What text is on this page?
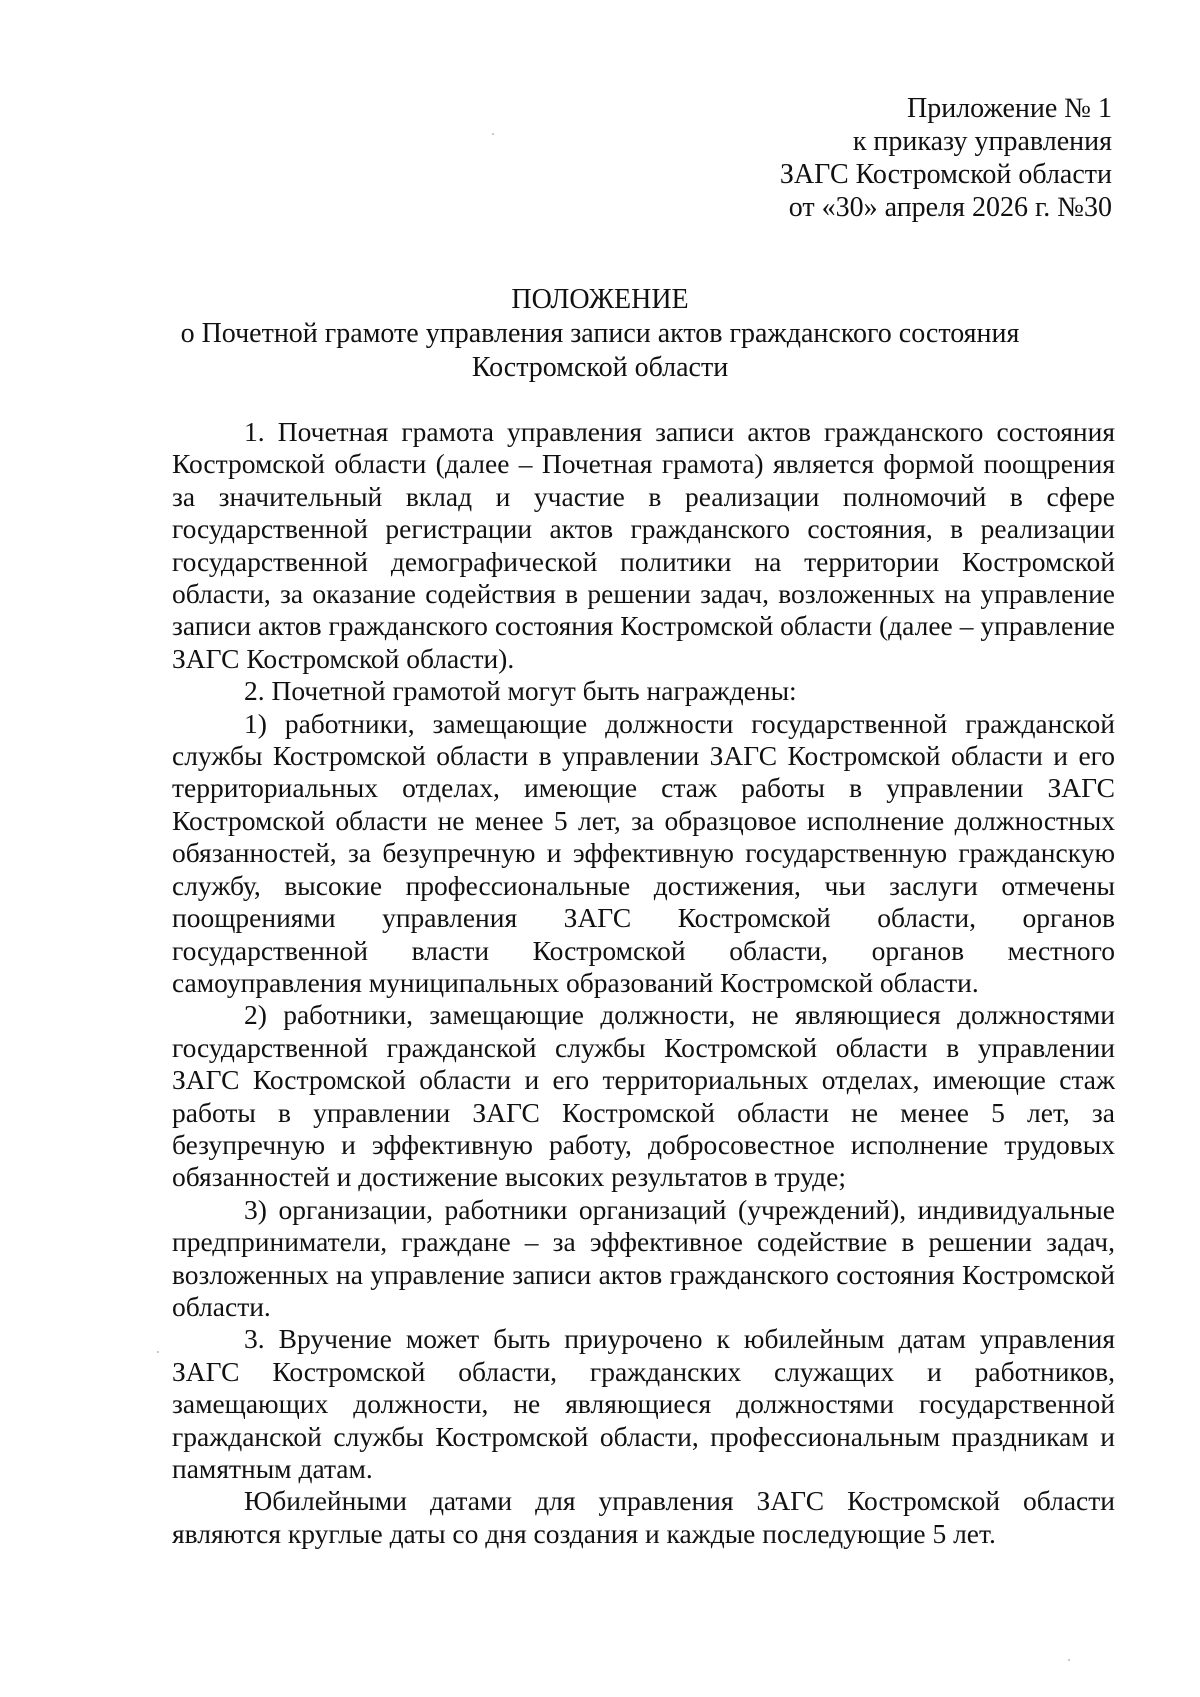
Приложение № 1
к приказу управления
ЗАГС Костромской области
от «30» апреля 2026 г. №30
ПОЛОЖЕНИЕ
о Почетной грамоте управления записи актов гражданского состояния
Костромской области

1. Почетная грамота управления записи актов гражданского состояния Костромской области (далее – Почетная грамота) является формой поощрения за значительный вклад и участие в реализации полномочий в сфере государственной регистрации актов гражданского состояния, в реализации государственной демографической политики на территории Костромской области, за оказание содействия в решении задач, возложенных на управление записи актов гражданского состояния Костромской области (далее – управление ЗАГС Костромской области).

2. Почетной грамотой могут быть награждены:

1) работники, замещающие должности государственной гражданской службы Костромской области в управлении ЗАГС Костромской области и его территориальных отделах, имеющие стаж работы в управлении ЗАГС Костромской области не менее 5 лет, за образцовое исполнение должностных обязанностей, за безупречную и эффективную государственную гражданскую службу, высокие профессиональные достижения, чьи заслуги отмечены поощрениями управления ЗАГС Костромской области, органов государственной власти Костромской области, органов местного самоуправления муниципальных образований Костромской области.

2) работники, замещающие должности, не являющиеся должностями государственной гражданской службы Костромской области в управлении ЗАГС Костромской области и его территориальных отделах, имеющие стаж работы в управлении ЗАГС Костромской области не менее 5 лет, за безупречную и эффективную работу, добросовестное исполнение трудовых обязанностей и достижение высоких результатов в труде;

3) организации, работники организаций (учреждений), индивидуальные предприниматели, граждане – за эффективное содействие в решении задач, возложенных на управление записи актов гражданского состояния Костромской области.

3. Вручение может быть приурочено к юбилейным датам управления ЗАГС Костромской области, гражданских служащих и работников, замещающих должности, не являющиеся должностями государственной гражданской службы Костромской области, профессиональным праздникам и памятным датам.

Юбилейными датами для управления ЗАГС Костромской области являются круглые даты со дня создания и каждые последующие 5 лет.
